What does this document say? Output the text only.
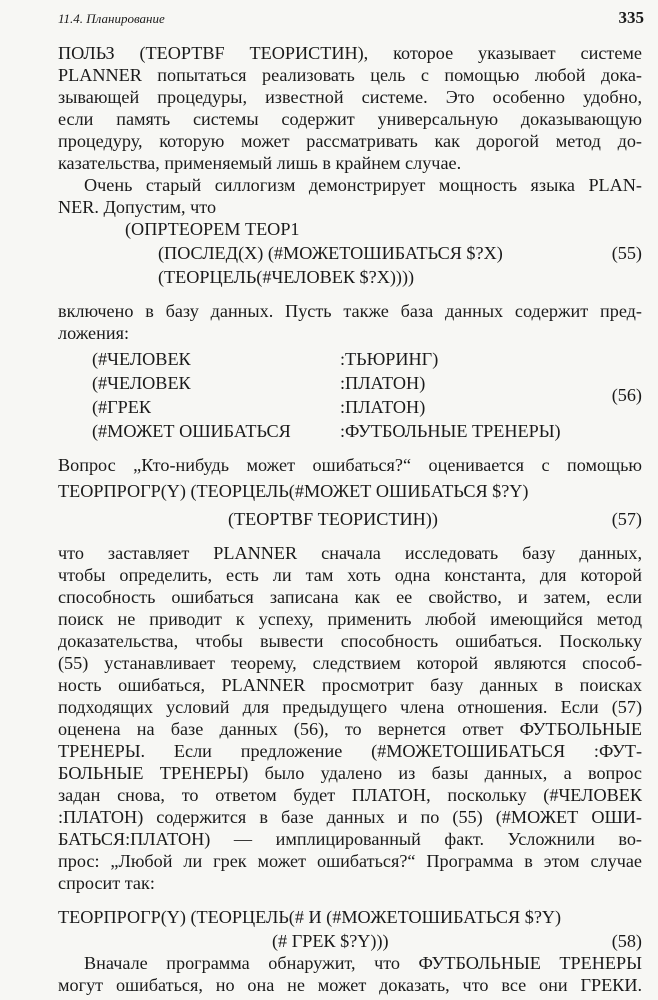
11.4. Планирование	335
ПОЛЬЗ (ТЕОРТВF ТЕОРИСТИН), которое указывает системе
PLANNER попытаться реализовать цель с помощью любой дока-
зывающей процедуры, известной системе. Это особенно удобно,
если память системы содержит универсальную доказывающую
процедуру, которую может рассматривать как дорогой метод до-
казательства, применяемый лишь в крайнем случае.
Очень старый силлогизм демонстрирует мощность языка PLAN-
NER. Допустим, что
(ОПРТЕОРЕМ ТЕОР1
(ПОСЛЕД(X) (#МОЖЕТОШИБАТЬСЯ $?X)	(55)
(ТЕОРЦЕЛЬ(#ЧЕЛОВЕК $?X))))
включено в базу данных. Пусть также база данных содержит пред-
ложения:
(#ЧЕЛОВЕК	:ТЬЮРИНГ)
(#ЧЕЛОВЕК	:ПЛАТОН)
(56)
(#ГРЕК	:ПЛАТОН)
(#МОЖЕТ ОШИБАТЬСЯ	:ФУТБОЛЬНЫЕ ТРЕНЕРЫ)
Вопрос „Кто-нибудь может ошибаться?“ оценивается с помощью
ТЕОРПРОГР(Y) (ТЕОРЦЕЛЬ(#МОЖЕТ ОШИБАТЬСЯ $?Y)
(ТЕОРТВF ТЕОРИСТИН))	(57)
что заставляет PLANNER сначала исследовать базу данных,
чтобы определить, есть ли там хоть одна константа, для которой
способность ошибаться записана как ее свойство, и затем, если
поиск не приводит к успеху, применить любой имеющийся метод
доказательства, чтобы вывести способность ошибаться. Поскольку
(55) устанавливает теорему, следствием которой являются способ-
ность ошибаться, PLANNER просмотрит базу данных в поисках
подходящих условий для предыдущего члена отношения. Если (57)
оценена на базе данных (56), то вернется ответ ФУТБОЛЬНЫЕ
ТРЕНЕРЫ. Если предложение (#МОЖЕТОШИБАТЬСЯ :ФУТ-
БОЛЬНЫЕ ТРЕНЕРЫ) было удалено из базы данных, а вопрос
задан снова, то ответом будет ПЛАТОН, поскольку (#ЧЕЛОВЕК
:ПЛАТОН) содержится в базе данных и по (55) (#МОЖЕТ ОШИ-
БАТЬСЯ:ПЛАТОН) — имплицированный факт. Усложнили во-
прос: „Любой ли грек может ошибаться?“ Программа в этом случае
спросит так:
ТЕОРПРОГР(Y) (ТЕОРЦЕЛЬ(# И (#МОЖЕТОШИБАТЬСЯ $?Y)
(# ГРЕК $?Y)))	(58)
Вначале программа обнаружит, что ФУТБОЛЬНЫЕ ТРЕНЕРЫ
могут ошибаться, но она не может доказать, что все они ГРЕКИ.
